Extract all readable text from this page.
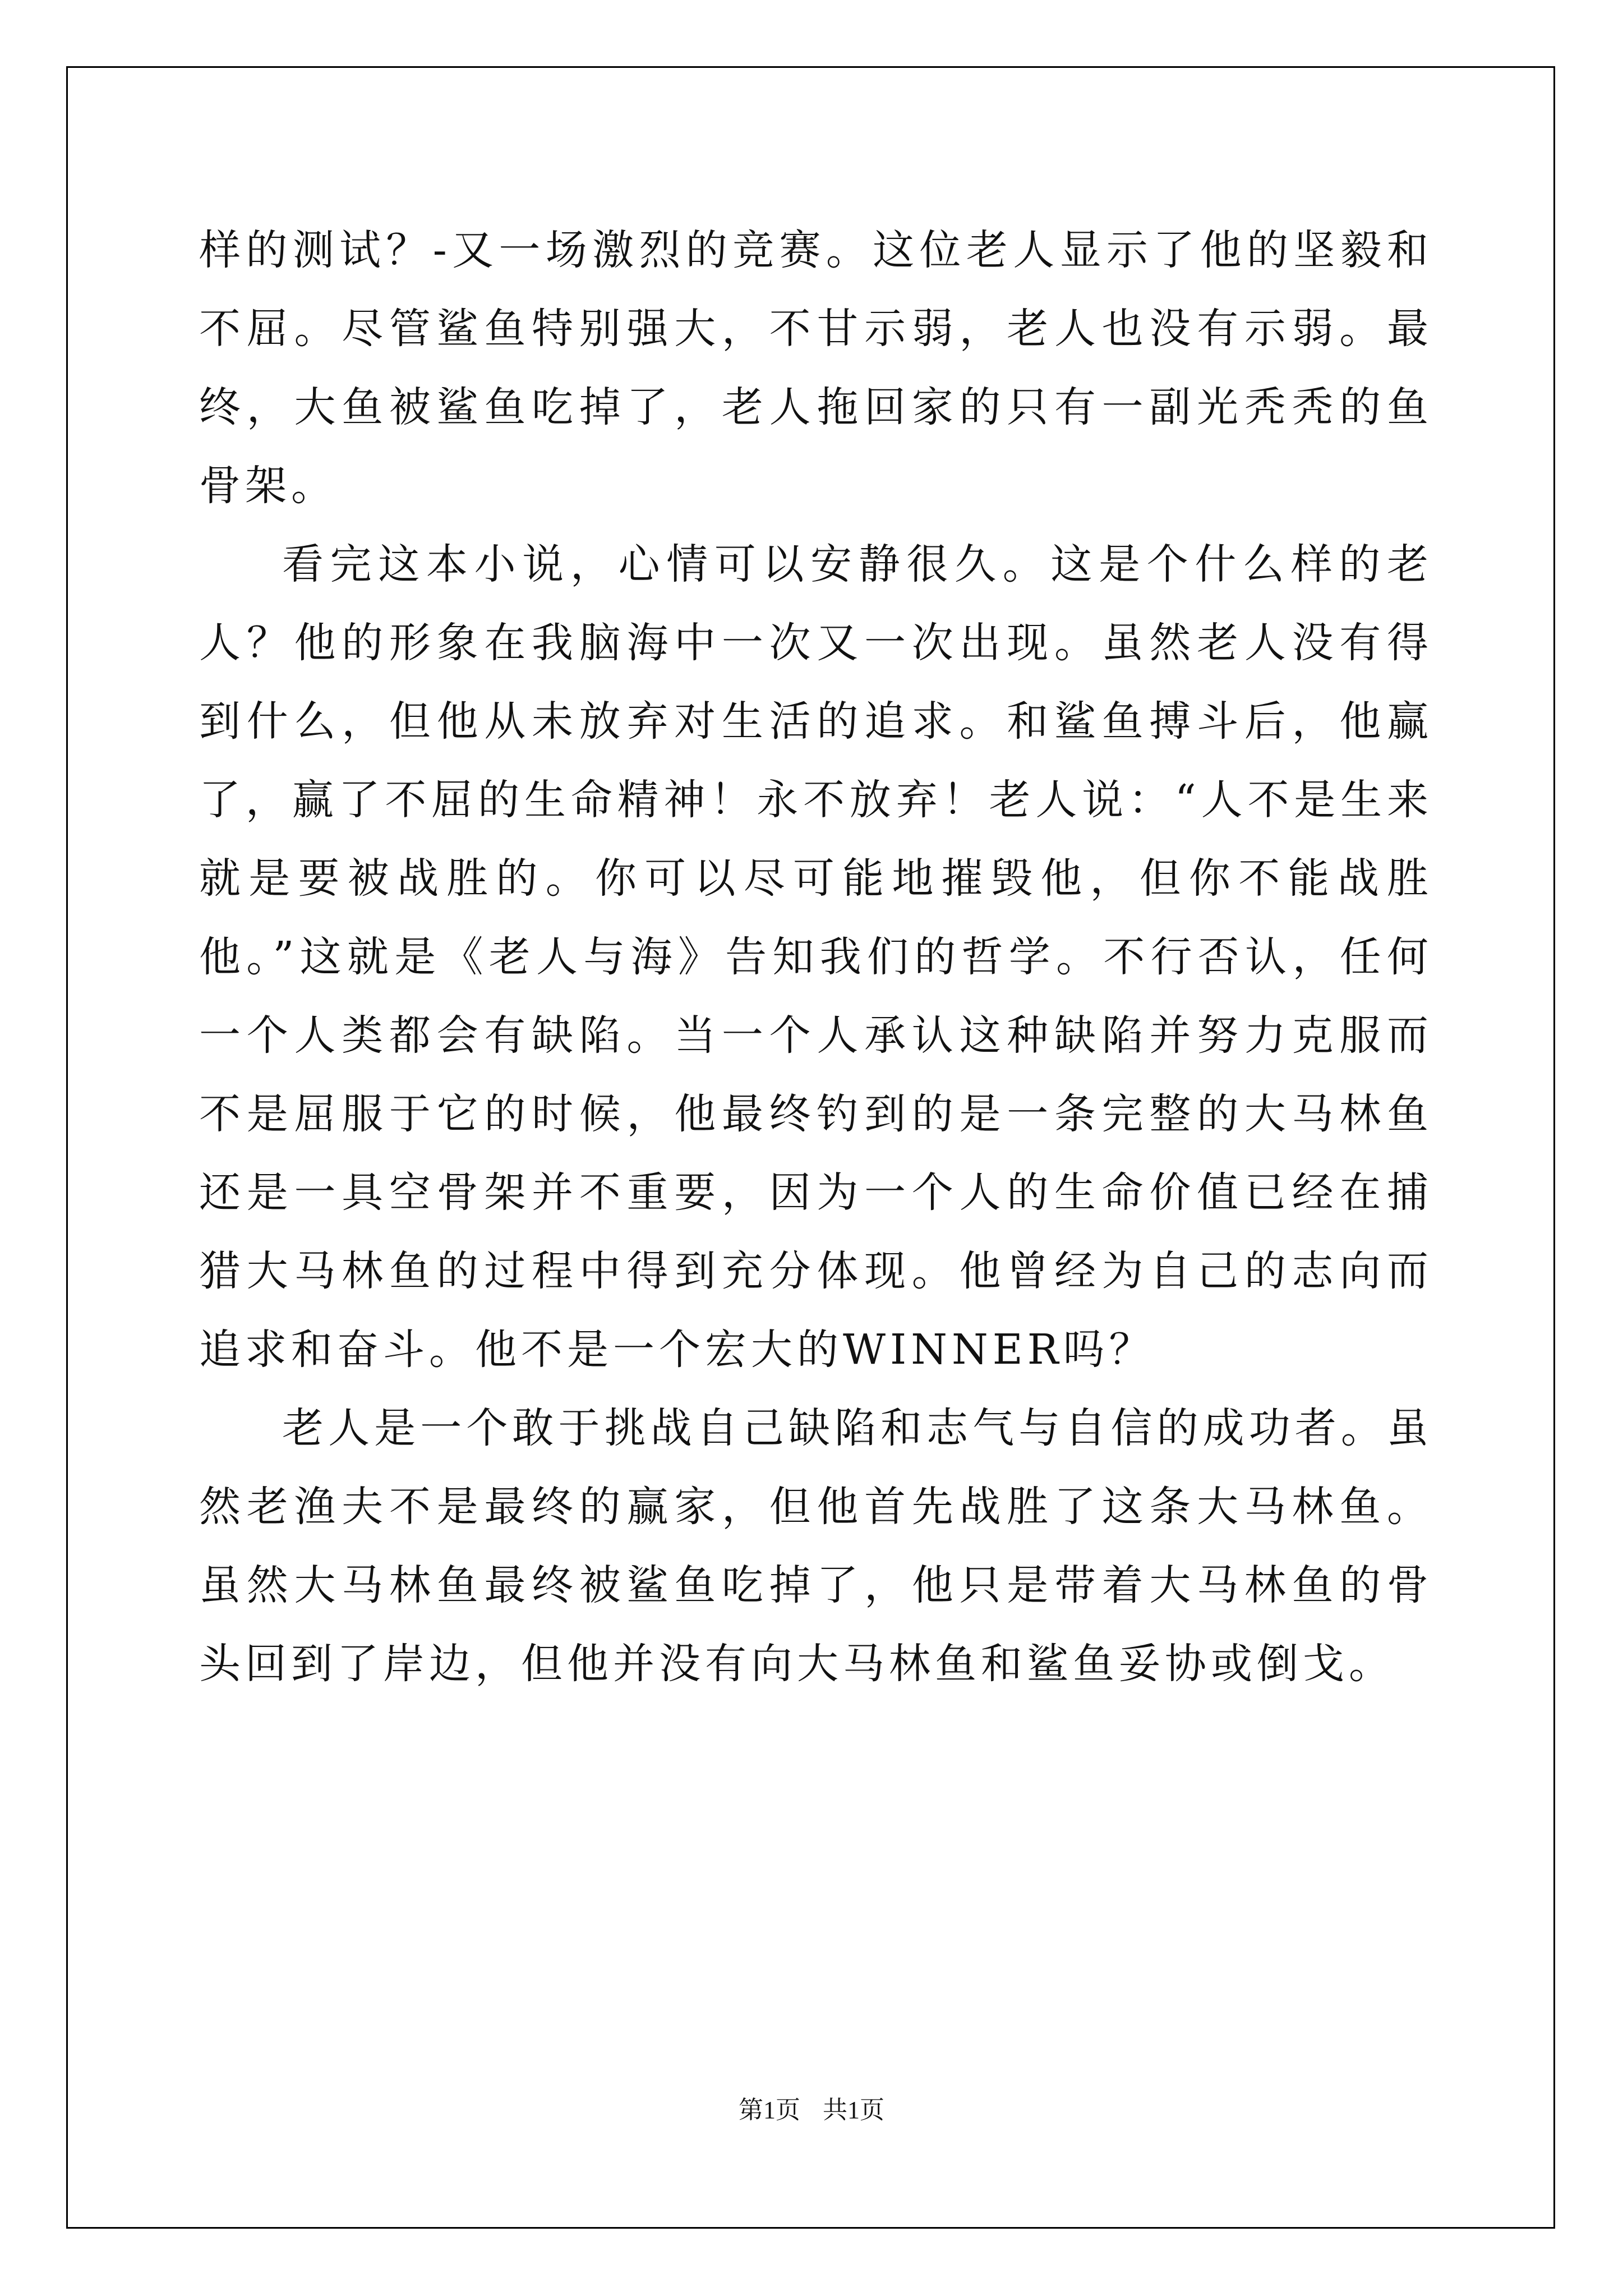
样的测试？-又一场激烈的竞赛。这位老人显示了他的坚毅和不屈。尽管鲨鱼特别强大，不甘示弱，老人也没有示弱。最终，大鱼被鲨鱼吃掉了，老人拖回家的只有一副光秃秃的鱼骨架。

看完这本小说，心情可以安静很久。这是个什么样的老人？他的形象在我脑海中一次又一次出现。虽然老人没有得到什么，但他从未放弃对生活的追求。和鲨鱼搏斗后，他赢了，赢了不屈的生命精神！永不放弃！老人说：“人不是生来就是要被战胜的。你可以尽可能地摧毁他，但你不能战胜他。”这就是《老人与海》告知我们的哲学。不行否认，任何一个人类都会有缺陷。当一个人承认这种缺陷并努力克服而不是屈服于它的时候，他最终钓到的是一条完整的大马林鱼还是一具空骨架并不重要，因为一个人的生命价值已经在捕猎大马林鱼的过程中得到充分体现。他曾经为自己的志向而追求和奋斗。他不是一个宏大的WINNER吗？

老人是一个敢于挑战自己缺陷和志气与自信的成功者。虽然老渔夫不是最终的赢家，但他首先战胜了这条大马林鱼。虽然大马林鱼最终被鲨鱼吃掉了，他只是带着大马林鱼的骨头回到了岸边，但他并没有向大马林鱼和鲨鱼妥协或倒戈。

第1页 共1页
